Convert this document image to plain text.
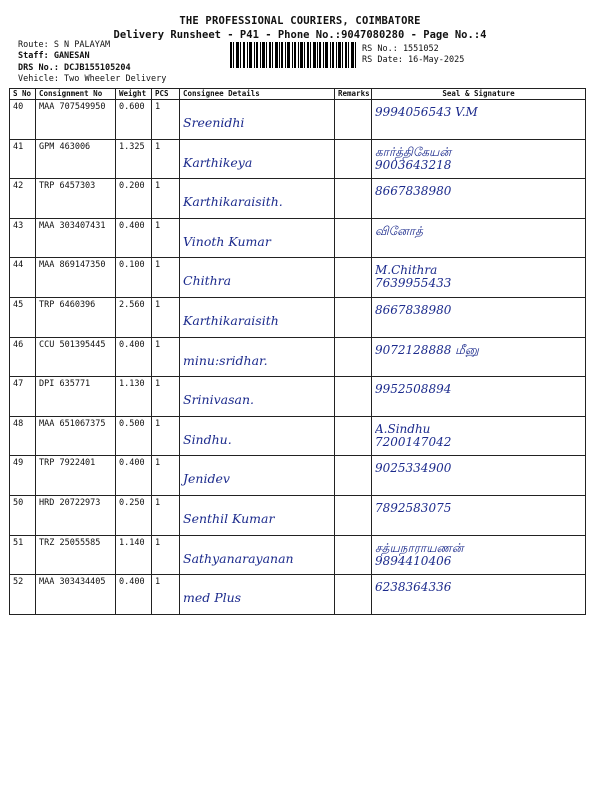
THE PROFESSIONAL COURIERS, COIMBATORE
Delivery Runsheet - P41 - Phone No.:9047080280 - Page No.:4
Route: S N PALAYAM
Staff: GANESAN
DRS No.: DCJB155105204
Vehicle: Two Wheeler Delivery
RS No.: 1551052
RS Date: 16-May-2025
S No	Consignment No	Weight	PCS	Consignee Details	Remarks	Seal & Signature
40	MAA 707549950	0.600	1	Sreenidhi		9994056543 V.M

41	GPM 463006	1.325	1	Karthikeya		கார்த்திகேயன்
9003643218

42	TRP 6457303	0.200	1	Karthikaraisith.		8667838980

43	MAA 303407431	0.400	1	Vinoth Kumar		வினோத்

44	MAA 869147350	0.100	1	Chithra		M.Chithra
7639955433

45	TRP 6460396	2.560	1	Karthikaraisith		8667838980

46	CCU 501395445	0.400	1	minu:sridhar.		9072128888 மீனு

47	DPI 635771	1.130	1	Srinivasan.		9952508894

48	MAA 651067375	0.500	1	Sindhu.		A.Sindhu
7200147042

49	TRP 7922401	0.400	1	Jenidev		9025334900

50	HRD 20722973	0.250	1	Senthil Kumar		7892583075

51	TRZ 25055585	1.140	1	Sathyanarayanan		சத்யநாராயணன்
9894410406

52	MAA 303434405	0.400	1	med Plus		6238364336
